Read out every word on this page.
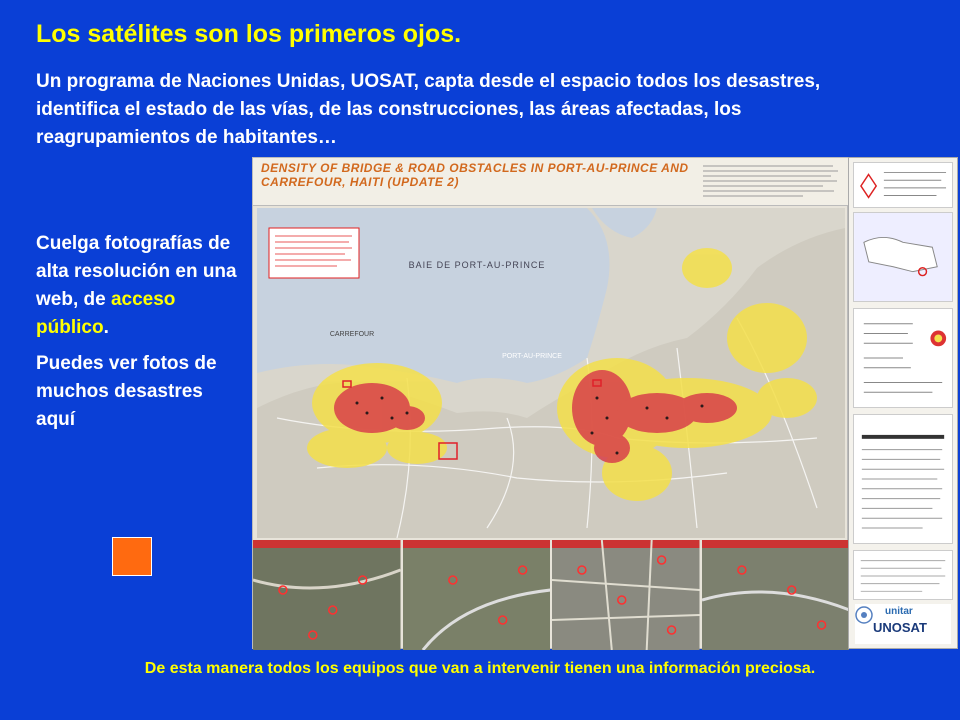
Los satélites son los primeros ojos.
Un programa de Naciones Unidas, UOSAT, capta desde el espacio todos los desastres, identifica el estado de las vías, de las construcciones, las áreas afectadas, los reagrupamientos de habitantes…

Cuelga fotografías de alta resolución en una web, de acceso público.

Puedes ver fotos de muchos desastres aquí

DENSITY OF BRIDGE & ROAD OBSTACLES IN PORT-AU-PRINCE AND CARREFOUR, HAITI (UPDATE 2)
BAIE DE PORT-AU-PRINCE
PORT-AU-PRINCE
CARREFOUR
unitar
UNOSAT
De esta manera todos los equipos que van a intervenir tienen una información preciosa.
